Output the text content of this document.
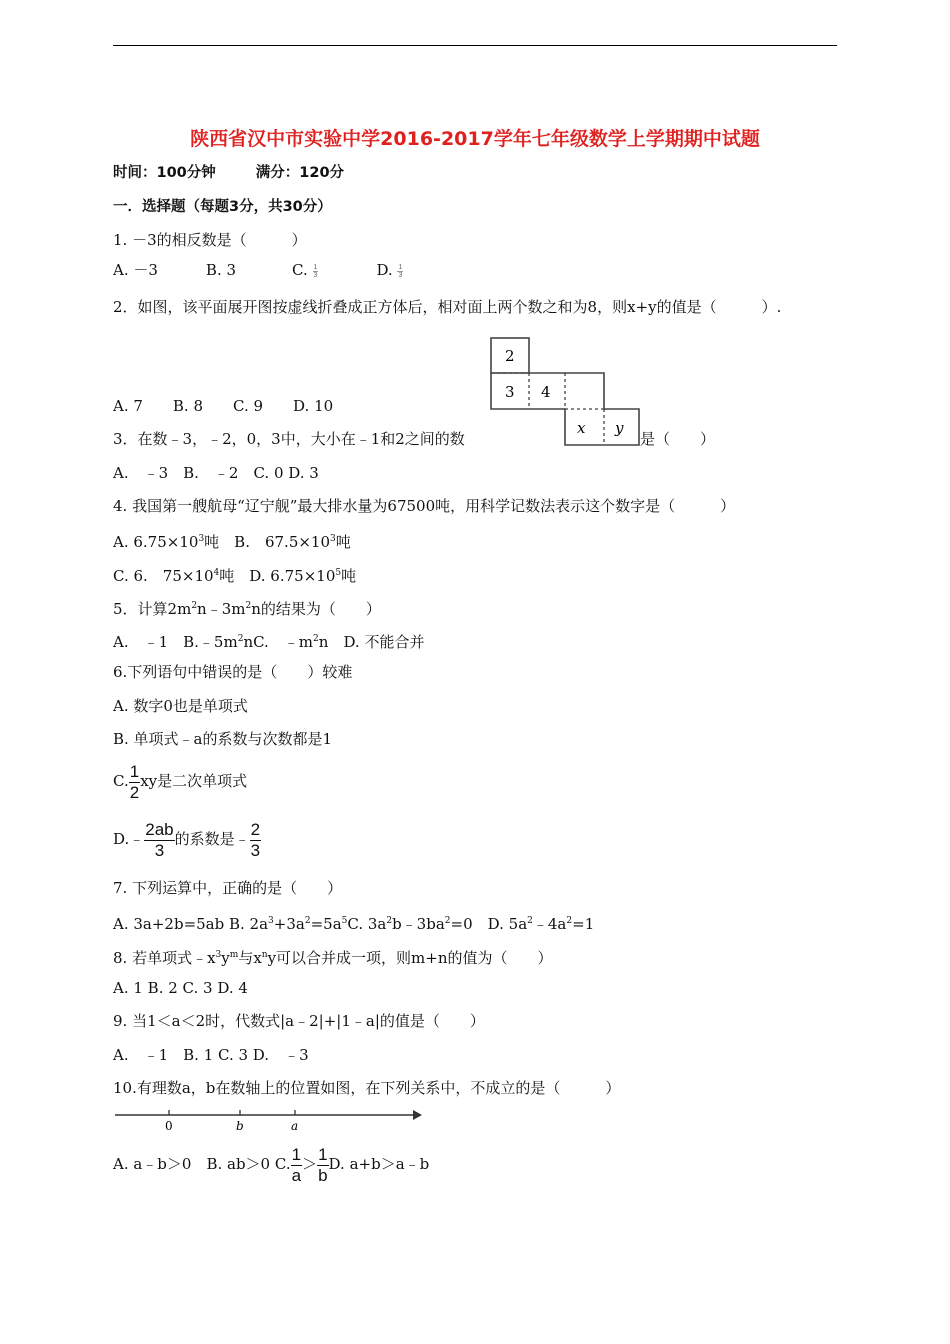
陕西省汉中市实验中学2016-2017学年七年级数学上学期期中试题
时间：100分钟	满分：120分
一．选择题（每题3分，共30分）
1. －3的相反数是（　　　）
A. －3	B. 3	C. $\frac{1}{3}$	D. $\frac{1}{3}$
2．如图，该平面展开图按虚线折叠成正方体后，相对面上两个数之和为8，则x+y的值是（　　　）.
2
3 4
x y
A. 7　　B. 8　　C. 9　　D. 10
3．在数﹣3，﹣2，0，3中，大小在﹣1和2之间的数	是（　　）
A.　﹣3　B.　﹣2　C. 0 D. 3
4. 我国第一艘航母“辽宁舰”最大排水量为67500吨，用科学记数法表示这个数字是（　　　）
A. $6.75\times 10^3$吨　B.　$67.5\times 10^3$吨
C. 6.　$75\times 10^4$吨　D. $6.75\times 10^5$吨
5．计算$2m^2n﹣3m^2n$的结果为（　　）
A.　﹣1　$B.﹣5m^2nC$.　$﹣m^2n$　D. 不能合并
6.下列语句中错误的是（　　）较难
A. 数字0也是单项式
B. 单项式﹣a的系数与次数都是1
C. $\frac{1}{2}$ xy是二次单项式
D.﹣ $\frac{2ab}{3}$ 的系数是﹣ $\frac{2}{3}$
7. 下列运算中，正确的是（　　）
A. 3a+2b=5ab B. $2a^3+3a^2=5a^5C$. $3a^2b﹣3ba^2=0$　D. $5a^2﹣4a^2=1$
8. 若单项式$﹣x^3y^m$与$x^ny$可以合并成一项，则m+n的值为（　　）
A. 1 B. 2 C. 3 D. 4
9. 当1＜a＜2时，代数式|a﹣2|+|1﹣a|的值是（　　）
A.　﹣1　B. 1 C. 3 D.　﹣3
10.有理数a，b在数轴上的位置如图，在下列关系中，不成立的是（　　　）
0	b	a
A. a﹣b＞0　B. ab＞0 C. $\frac{1}{a} > \frac{1}{b} D$. a+b＞a﹣b
